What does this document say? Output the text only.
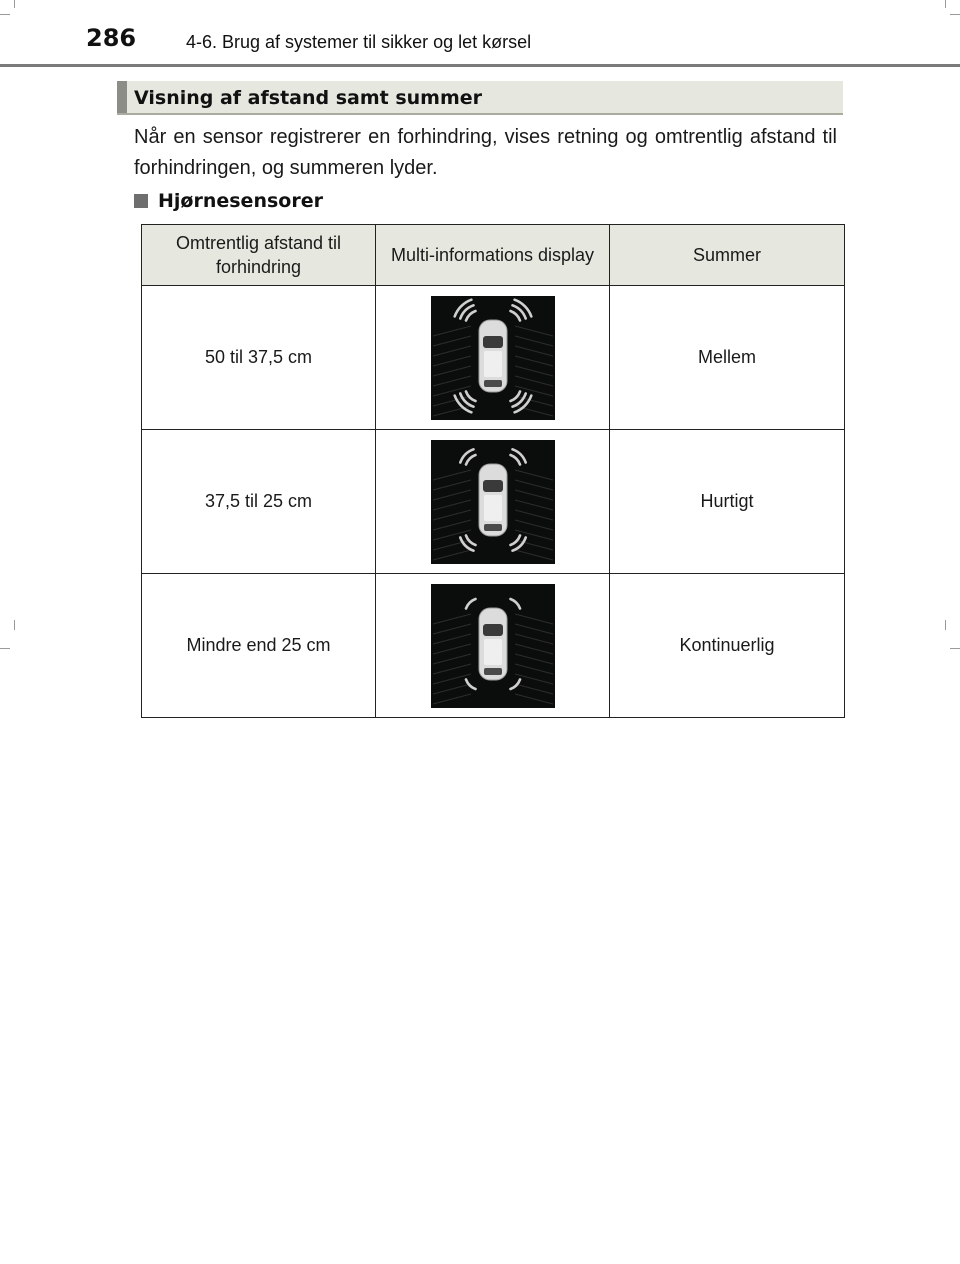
286	4-6. Brug af systemer til sikker og let kørsel
Visning af afstand samt summer
Når en sensor registrerer en forhindring, vises retning og omtrentlig afstand til forhindringen, og summeren lyder.
Hjørnesensorer
Omtrentlig afstand til forhindring	Multi-informations display	Summer
50 til 37,5 cm		Mellem
37,5 til 25 cm		Hurtigt
Mindre end 25 cm		Kontinuerlig
